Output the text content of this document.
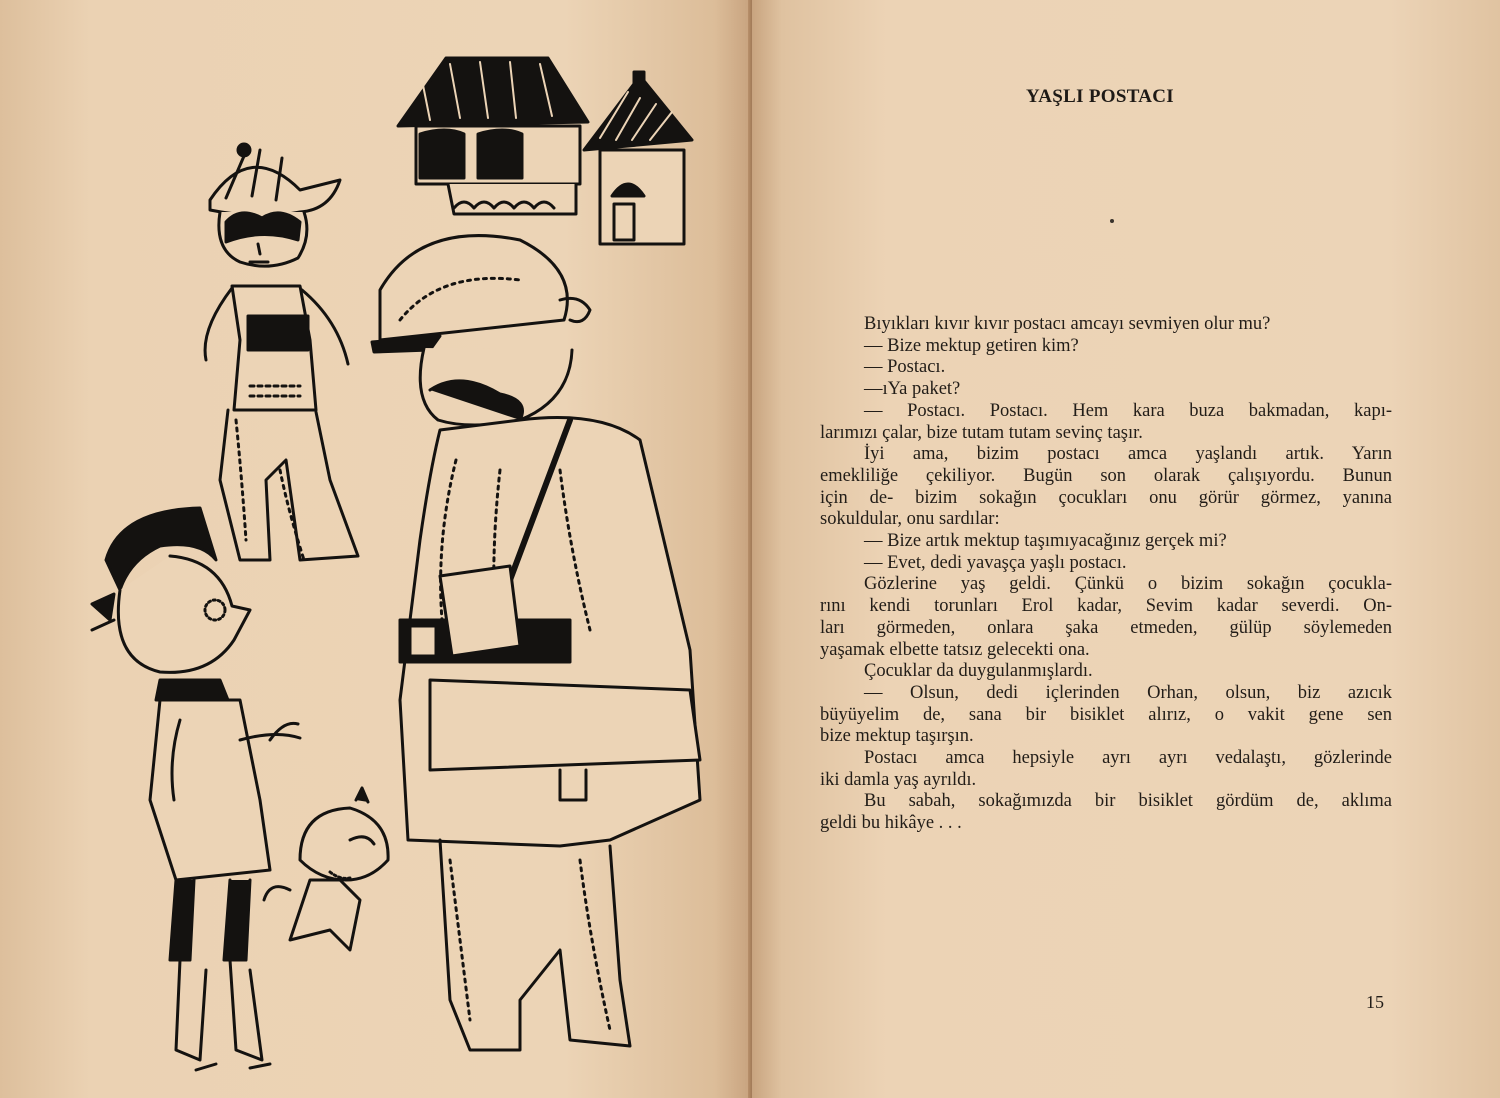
YAŞLI POSTACI

Bıyıkları kıvır kıvır postacı amcayı sevmiyen olur mu?

— Bize mektup getiren kim?

— Postacı.

—ıYa paket?

— Postacı. Postacı. Hem kara buza bakmadan, kapı-

larımızı çalar, bize tutam tutam sevinç taşır.

İyi ama, bizim postacı amca yaşlandı artık. Yarın

emekliliğe çekiliyor. Bugün son olarak çalışıyordu. Bunun

için de- bizim sokağın çocukları onu görür görmez, yanına

sokuldular, onu sardılar:

— Bize artık mektup taşımıyacağınız gerçek mi?

— Evet, dedi yavaşça yaşlı postacı.

Gözlerine yaş geldi. Çünkü o bizim sokağın çocukla-

rını kendi torunları Erol kadar, Sevim kadar severdi. On-

ları görmeden, onlara şaka etmeden, gülüp söylemeden

yaşamak elbette tatsız gelecekti ona.

Çocuklar da duygulanmışlardı.

— Olsun, dedi içlerinden Orhan, olsun, biz azıcık

büyüyelim de, sana bir bisiklet alırız, o vakit gene sen

bize mektup taşırşın.

Postacı amca hepsiyle ayrı ayrı vedalaştı, gözlerinde

iki damla yaş ayrıldı.

Bu sabah, sokağımızda bir bisiklet gördüm de, aklıma

geldi bu hikâye . . .

15
